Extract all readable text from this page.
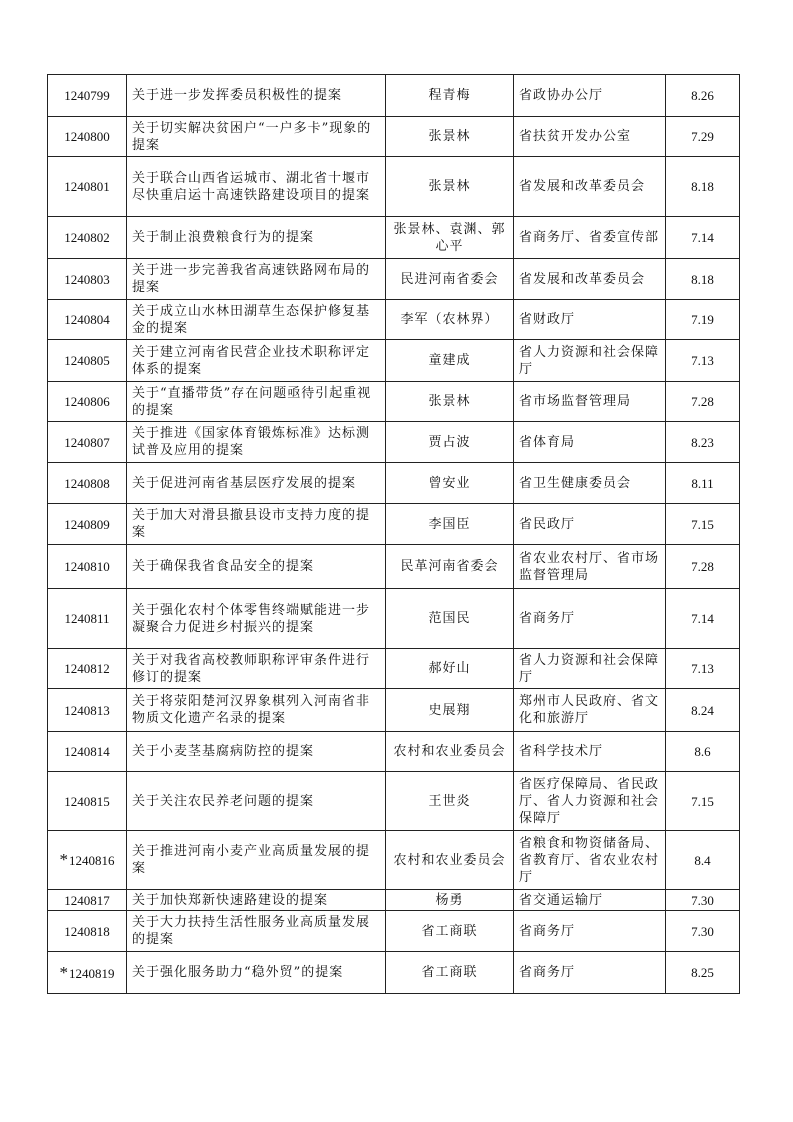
1240799	关于进一步发挥委员积极性的提案	程青梅	省政协办公厅	8.26
1240800	关于切实解决贫困户“一户多卡”现象的提案	张景林	省扶贫开发办公室	7.29
1240801	关于联合山西省运城市、湖北省十堰市尽快重启运十高速铁路建设项目的提案	张景林	省发展和改革委员会	8.18
1240802	关于制止浪费粮食行为的提案	张景林、袁渊、郭心平	省商务厅、省委宣传部	7.14
1240803	关于进一步完善我省高速铁路网布局的提案	民进河南省委会	省发展和改革委员会	8.18
1240804	关于成立山水林田湖草生态保护修复基金的提案	李军（农林界）	省财政厅	7.19
1240805	关于建立河南省民营企业技术职称评定体系的提案	童建成	省人力资源和社会保障厅	7.13
1240806	关于“直播带货”存在问题亟待引起重视的提案	张景林	省市场监督管理局	7.28
1240807	关于推进《国家体育锻炼标准》达标测试普及应用的提案	贾占波	省体育局	8.23
1240808	关于促进河南省基层医疗发展的提案	曾安业	省卫生健康委员会	8.11
1240809	关于加大对滑县撤县设市支持力度的提案	李国臣	省民政厅	7.15
1240810	关于确保我省食品安全的提案	民革河南省委会	省农业农村厅、省市场监督管理局	7.28
1240811	关于强化农村个体零售终端赋能进一步凝聚合力促进乡村振兴的提案	范国民	省商务厅	7.14
1240812	关于对我省高校教师职称评审条件进行修订的提案	郝好山	省人力资源和社会保障厅	7.13
1240813	关于将荥阳楚河汉界象棋列入河南省非物质文化遗产名录的提案	史展翔	郑州市人民政府、省文化和旅游厅	8.24
1240814	关于小麦茎基腐病防控的提案	农村和农业委员会	省科学技术厅	8.6
1240815	关于关注农民养老问题的提案	王世炎	省医疗保障局、省民政厅、省人力资源和社会保障厅	7.15
*1240816	关于推进河南小麦产业高质量发展的提案	农村和农业委员会	省粮食和物资储备局、省教育厅、省农业农村厅	8.4
1240817	关于加快郑新快速路建设的提案	杨勇	省交通运输厅	7.30
1240818	关于大力扶持生活性服务业高质量发展的提案	省工商联	省商务厅	7.30
*1240819	关于强化服务助力“稳外贸”的提案	省工商联	省商务厅	8.25
